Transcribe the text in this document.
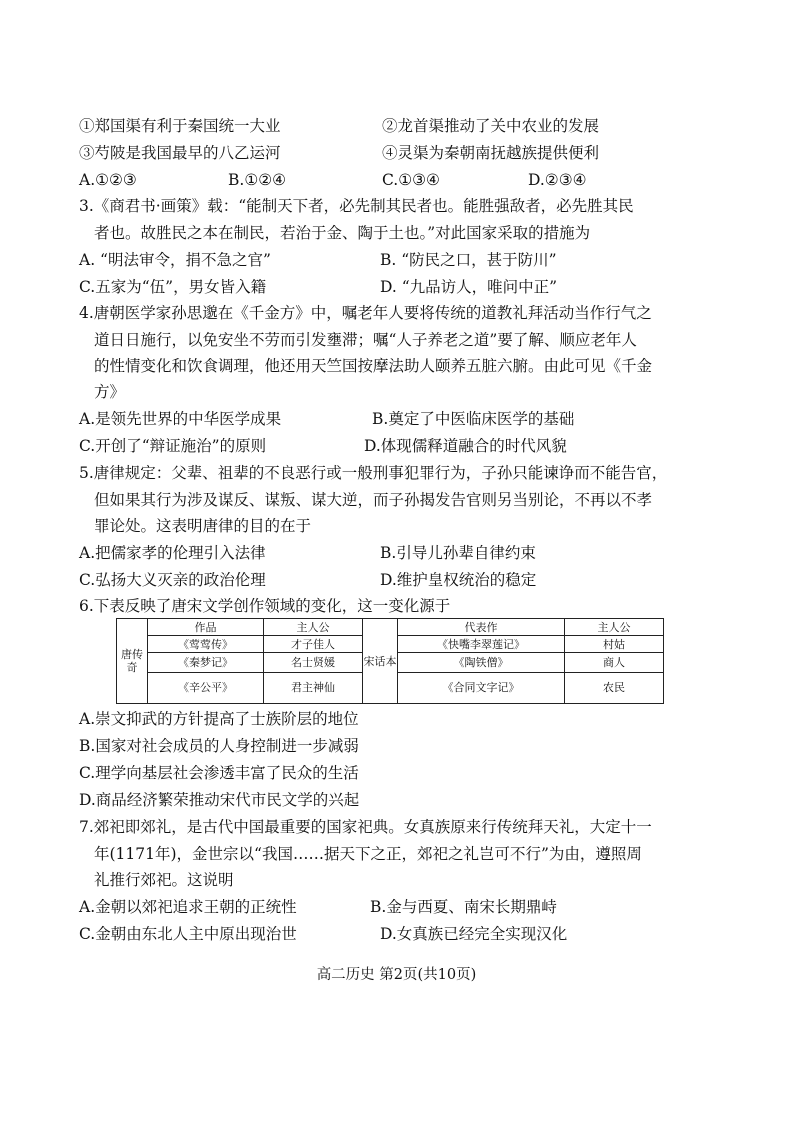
①郑国渠有利于秦国统一大业	②龙首渠推动了关中农业的发展
③芍陂是我国最早的八乙运河	④灵渠为秦朝南抚越族提供便利
A.①②③	B.①②④	C.①③④	D.②③④
3.《商君书·画策》载：“能制天下者，必先制其民者也。能胜强敌者，必先胜其民
者也。故胜民之本在制民，若治于金、陶于土也。”对此国家采取的措施为
A. “明法审令，捐不急之官”	B. “防民之口，甚于防川”
C.五家为“伍”，男女皆入籍	D. “九品访人，唯问中正”
4.唐朝医学家孙思邈在《千金方》中，嘱老年人要将传统的道教礼拜活动当作行气之
道日日施行，以免安坐不劳而引发壅滞；嘱“人子养老之道”要了解、顺应老年人
的性情变化和饮食调理，他还用天竺国按摩法助人颐养五脏六腑。由此可见《千金
方》
A.是领先世界的中华医学成果	B.奠定了中医临床医学的基础
C.开创了“辩证施治”的原则	D.体现儒释道融合的时代风貌
5.唐律规定：父辈、祖辈的不良恶行或一般刑事犯罪行为，子孙只能谏诤而不能告官，
但如果其行为涉及谋反、谋叛、谋大逆，而子孙揭发告官则另当别论，不再以不孝
罪论处。这表明唐律的目的在于
A.把儒家孝的伦理引入法律	B.引导儿孙辈自律约束
C.弘扬大义灭亲的政治伦理	D.维护皇权统治的稳定
6.下表反映了唐宋文学创作领域的变化，这一变化源于
唐传奇	作品	主人公	宋话本	代表作	主人公
	《莺莺传》	才子佳人		《快嘴李翠莲记》	村姑
	《秦梦记》	名士贤媛		《陶铁僧》	商人
	《辛公平》	君主神仙		《合同文字记》	农民
A.崇文抑武的方针提高了士族阶层的地位
B.国家对社会成员的人身控制进一步减弱
C.理学向基层社会渗透丰富了民众的生活
D.商品经济繁荣推动宋代市民文学的兴起
7.郊祀即郊礼，是古代中国最重要的国家祀典。女真族原来行传统拜天礼，大定十一
年(1171年)，金世宗以“我国……据天下之正，郊祀之礼岂可不行”为由，遵照周
礼推行郊祀。这说明
A.金朝以郊祀追求王朝的正统性	B.金与西夏、南宋长期鼎峙
C.金朝由东北人主中原出现治世	D.女真族已经完全实现汉化
高二历史 第2页(共10页)
